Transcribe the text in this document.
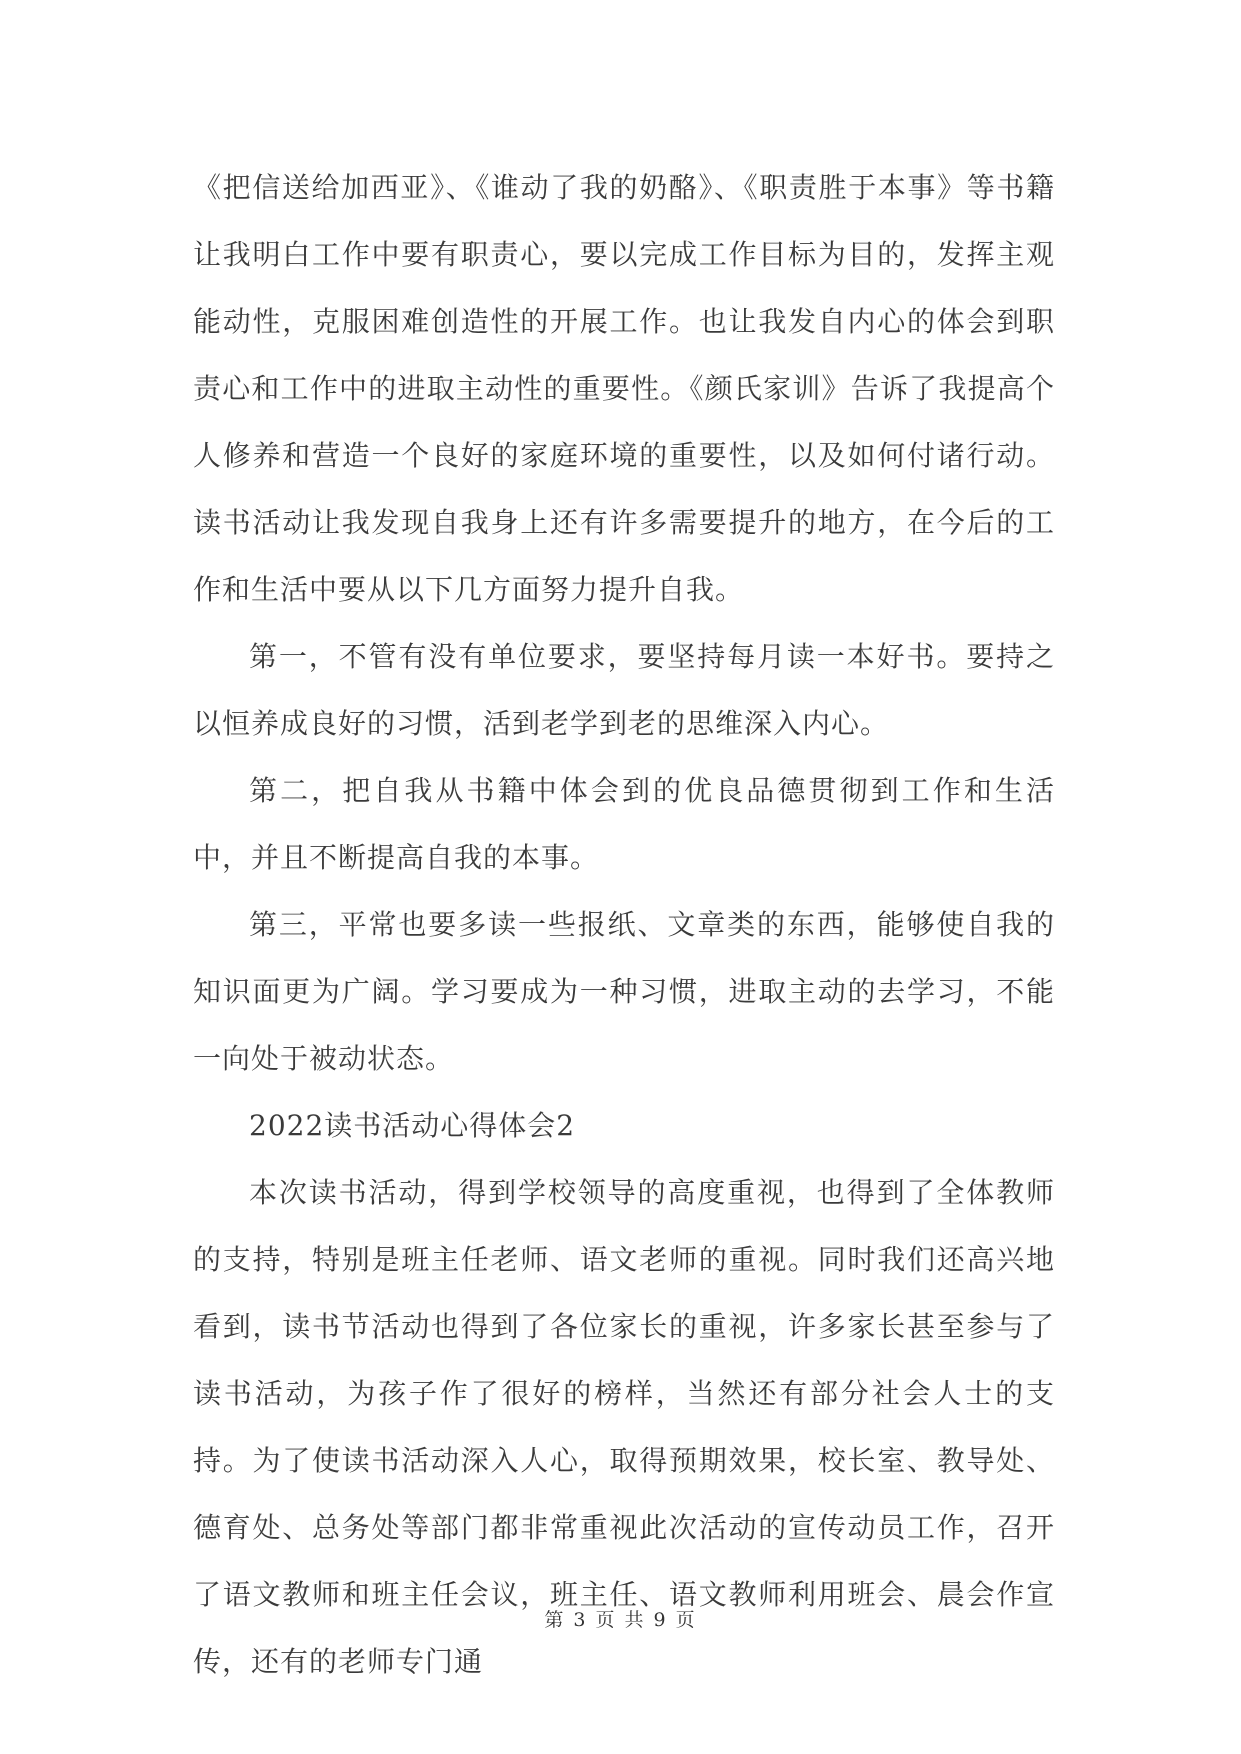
《把信送给加西亚》、《谁动了我的奶酪》、《职责胜于本事》等书籍让我明白工作中要有职责心，要以完成工作目标为目的，发挥主观能动性，克服困难创造性的开展工作。也让我发自内心的体会到职责心和工作中的进取主动性的重要性。《颜氏家训》告诉了我提高个人修养和营造一个良好的家庭环境的重要性，以及如何付诸行动。读书活动让我发现自我身上还有许多需要提升的地方，在今后的工作和生活中要从以下几方面努力提升自我。

第一，不管有没有单位要求，要坚持每月读一本好书。要持之以恒养成良好的习惯，活到老学到老的思维深入内心。

第二，把自我从书籍中体会到的优良品德贯彻到工作和生活中，并且不断提高自我的本事。

第三，平常也要多读一些报纸、文章类的东西，能够使自我的知识面更为广阔。学习要成为一种习惯，进取主动的去学习，不能一向处于被动状态。

2022读书活动心得体会2

本次读书活动，得到学校领导的高度重视，也得到了全体教师的支持，特别是班主任老师、语文老师的重视。同时我们还高兴地看到，读书节活动也得到了各位家长的重视，许多家长甚至参与了读书活动，为孩子作了很好的榜样，当然还有部分社会人士的支持。为了使读书活动深入人心，取得预期效果，校长室、教导处、德育处、总务处等部门都非常重视此次活动的宣传动员工作，召开了语文教师和班主任会议，班主任、语文教师利用班会、晨会作宣传，还有的老师专门通

第 3 页 共 9 页
